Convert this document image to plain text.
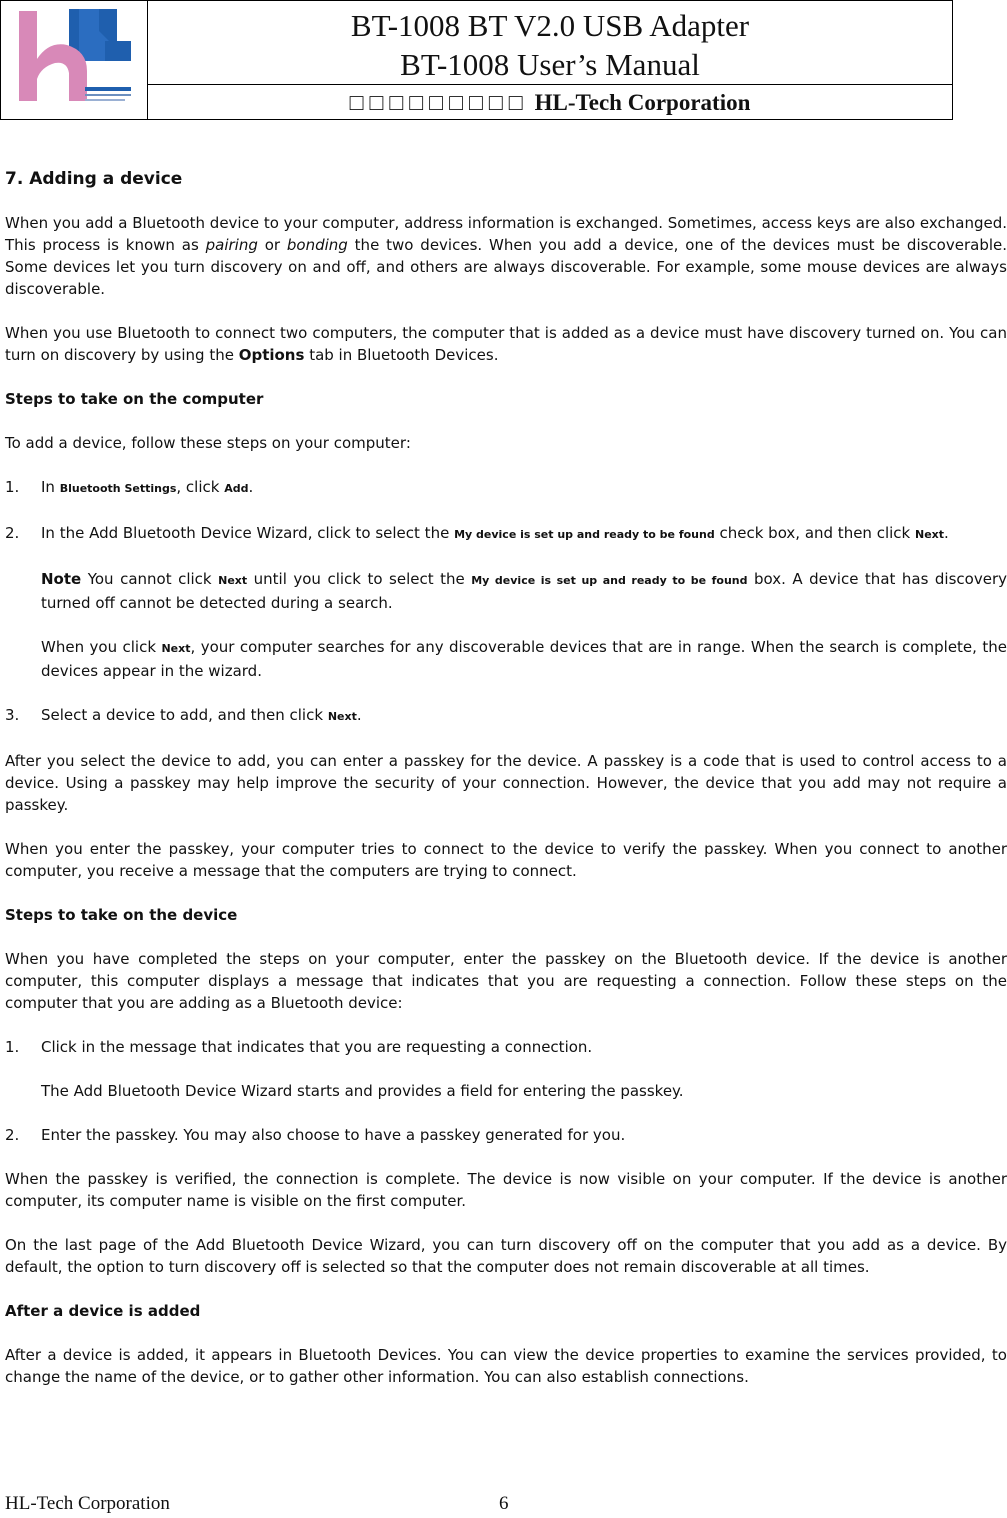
BT-1008 BT V2.0 USB Adapter
BT-1008 User’s Manual
□□□□□□□□□ HL-Tech Corporation
7. Adding a device

When you add a Bluetooth device to your computer, address information is exchanged. Sometimes, access keys are also exchanged. This process is known as pairing or bonding the two devices. When you add a device, one of the devices must be discoverable. Some devices let you turn discovery on and off, and others are always discoverable. For example, some mouse devices are always discoverable.

When you use Bluetooth to connect two computers, the computer that is added as a device must have discovery turned on. You can turn on discovery by using the Options tab in Bluetooth Devices.

Steps to take on the computer

To add a device, follow these steps on your computer:

1. In Bluetooth Settings, click Add.
2. In the Add Bluetooth Device Wizard, click to select the My device is set up and ready to be found check box, and then click Next.
Note You cannot click Next until you click to select the My device is set up and ready to be found box. A device that has discovery turned off cannot be detected during a search.
When you click Next, your computer searches for any discoverable devices that are in range. When the search is complete, the devices appear in the wizard.
3. Select a device to add, and then click Next.

After you select the device to add, you can enter a passkey for the device. A passkey is a code that is used to control access to a device. Using a passkey may help improve the security of your connection. However, the device that you add may not require a passkey.

When you enter the passkey, your computer tries to connect to the device to verify the passkey. When you connect to another computer, you receive a message that the computers are trying to connect.

Steps to take on the device

When you have completed the steps on your computer, enter the passkey on the Bluetooth device. If the device is another computer, this computer displays a message that indicates that you are requesting a connection. Follow these steps on the computer that you are adding as a Bluetooth device:

1. Click in the message that indicates that you are requesting a connection.
The Add Bluetooth Device Wizard starts and provides a field for entering the passkey.
2. Enter the passkey. You may also choose to have a passkey generated for you.

When the passkey is verified, the connection is complete. The device is now visible on your computer. If the device is another computer, its computer name is visible on the first computer.

On the last page of the Add Bluetooth Device Wizard, you can turn discovery off on the computer that you add as a device. By default, the option to turn discovery off is selected so that the computer does not remain discoverable at all times.

After a device is added

After a device is added, it appears in Bluetooth Devices. You can view the device properties to examine the services provided, to change the name of the device, or to gather other information. You can also establish connections.

HL-Tech Corporation	6
